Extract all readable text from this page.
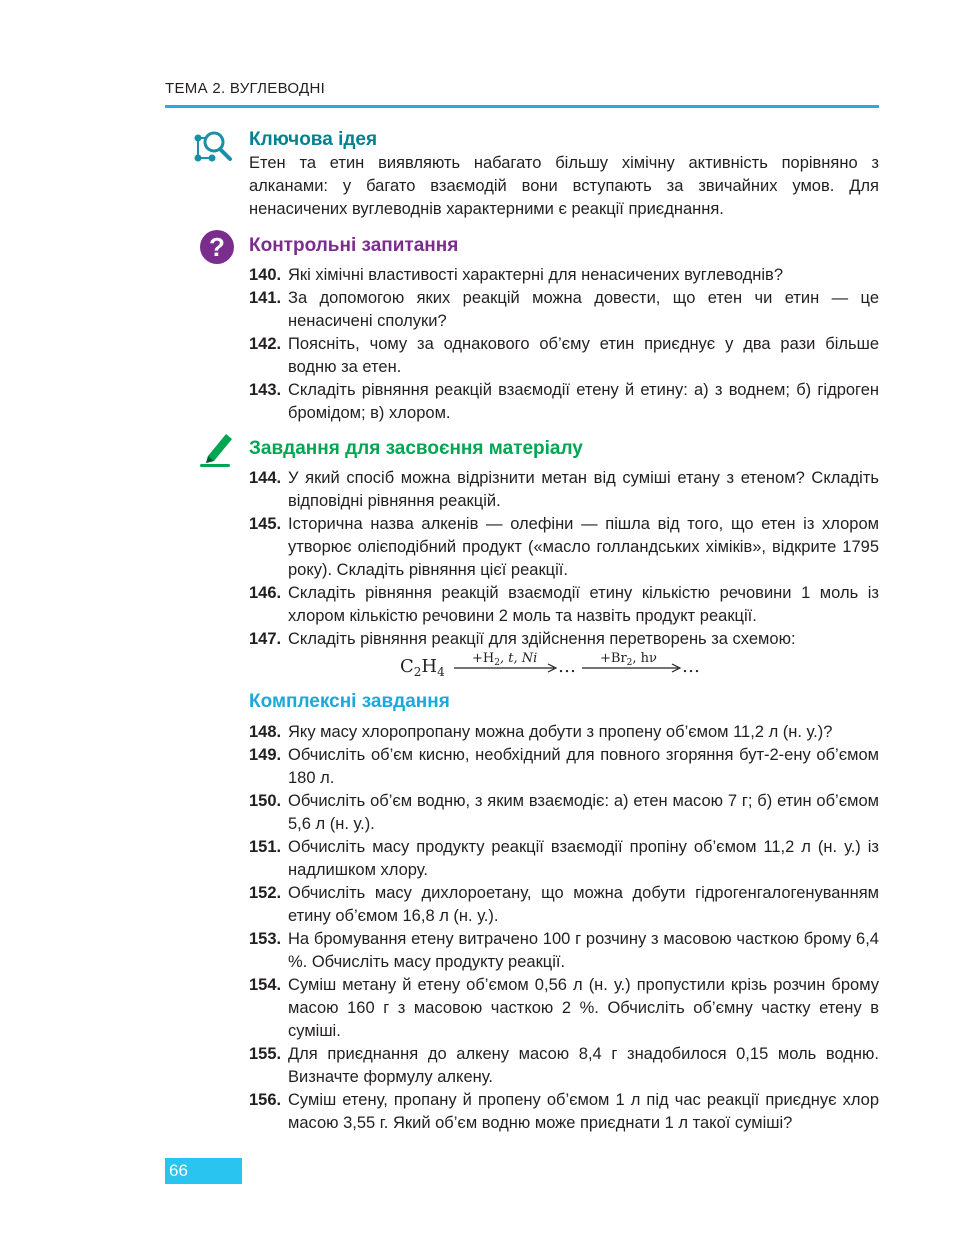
ТЕМА 2. ВУГЛЕВОДНІ
Ключова ідея

Етен та етин виявляють набагато більшу хімічну активність порівняно з алканами: у багато взаємодій вони вступають за звичайних умов. Для ненасичених вуглеводнів характерними є реакції приєднання.

? Контрольні запитання
140. Які хімічні властивості характерні для ненасичених вуглеводнів?
141. За допомогою яких реакцій можна довести, що етен чи етин — це ненасичені сполуки?
142. Поясніть, чому за однакового об’єму етин приєднує у два рази більше водню за етен.
143. Складіть рівняння реакцій взаємодії етену й етину: а) з воднем; б) гідроген бромідом; в) хлором.
Завдання для засвоєння матеріалу
144. У який спосіб можна відрізнити метан від суміші етану з етеном? Складіть відповідні рівняння реакцій.
145. Історична назва алкенів — олефіни — пішла від того, що етен із хлором утворює олієподібний продукт («масло голландських хіміків», відкрите 1795 року). Складіть рівняння цієї реакції.
146. Складіть рівняння реакцій взаємодії етину кількістю речовини 1 моль із хлором кількістю речовини 2 моль та назвіть продукт реакції.
147. Складіть рівняння реакції для здійснення перетворень за схемою:
$C_2H_4$
$+H_2$, t, Ni … $+Br_2$, hν …
Комплексні завдання
148. Яку масу хлоропропану можна добути з пропену об’ємом 11,2 л (н. у.)?
149. Обчисліть об’єм кисню, необхідний для повного згоряння бут-2-ену об’ємом 180 л.
150. Обчисліть об’єм водню, з яким взаємодіє: а) етен масою 7 г; б) етин об’ємом 5,6 л (н. у.).
151. Обчисліть масу продукту реакції взаємодії пропіну об’ємом 11,2 л (н. у.) із надлишком хлору.
152. Обчисліть масу дихлороетану, що можна добути гідрогенгалогенуванням етину об’ємом 16,8 л (н. у.).
153. На бромування етену витрачено 100 г розчину з масовою часткою брому 6,4 %. Обчисліть масу продукту реакції.
154. Суміш метану й етену об’ємом 0,56 л (н. у.) пропустили крізь розчин брому масою 160 г з масовою часткою 2 %. Обчисліть об’ємну частку етену в суміші.
155. Для приєднання до алкену масою 8,4 г знадобилося 0,15 моль водню. Визначте формулу алкену.
156. Суміш етену, пропану й пропену об’ємом 1 л під час реакції приєднує хлор масою 3,55 г. Який об’єм водню може приєднати 1 л такої суміші?
66
